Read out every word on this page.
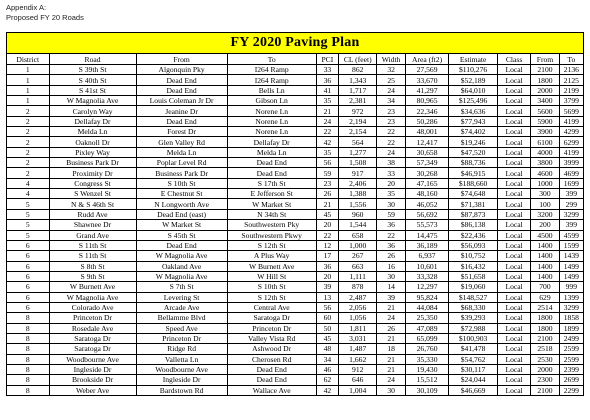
Appendix A:
Proposed FY 20 Roads
FY 2020 Paving Plan
District	Road	From	To	PCI	CL (feet)	Width	Area (ft2)	Estimate	Class	From	To
1	S 39th St	Algonquin Pky	I264 Ramp	33	862	32	27,569	$110,276	Local	2100	2136
1	S 40th St	Dead End	I264 Ramp	36	1,343	25	33,670	$52,189	Local	1800	2125
1	S 41st St	Dead End	Bells Ln	41	1,717	24	41,297	$64,010	Local	2000	2199
1	W Magnolia Ave	Louis Coleman Jr Dr	Gibson Ln	35	2,381	34	80,965	$125,496	Local	3400	3799
2	Carolyn Way	Jeanine Dr	Norene Ln	21	972	23	22,346	$34,636	Local	5600	5699
2	Dellafay Dr	Dead End	Norene Ln	24	2,194	23	50,286	$77,943	Local	5900	4199
2	Melda Ln	Forest Dr	Norene Ln	22	2,154	22	48,001	$74,402	Local	3900	4299
2	Oaknoll Dr	Glen Valley Rd	Dellafay Dr	42	564	22	12,417	$19,246	Local	6100	6299
2	Pixley Way	Melda Ln	Melda Ln	35	1,277	24	30,658	$47,520	Local	4000	4199
2	Business Park Dr	Poplar Level Rd	Dead End	56	1,508	38	57,349	$88,736	Local	3800	3999
2	Proximity Dr	Business Park Dr	Dead End	59	917	33	30,268	$46,915	Local	4600	4699
4	Congress St	S 10th St	S 17th St	23	2,406	20	47,165	$188,660	Local	1000	1699
4	S Wenzel St	E Chestnut St	E Jefferson St	26	1,388	35	48,160	$74,648	Local	300	399
5	N & S 46th St	N Longworth Ave	W Market St	21	1,556	30	46,052	$71,381	Local	100	299
5	Rudd Ave	Dead End (east)	N 34th St	45	960	59	56,692	$87,873	Local	3200	3299
5	Shawnee Dr	W Market St	Southwestern Pky	20	1,544	36	55,573	$86,138	Local	200	399
5	Grand Ave	S 45th St	Southwestern Pkwy	22	658	22	14,475	$22,436	Local	4500	4599
6	S 11th St	Dead End	S 12th St	12	1,000	36	36,189	$56,093	Local	1400	1599
6	S 11th St	W Magnolia Ave	A Plus Way	17	267	26	6,937	$10,752	Local	1400	1439
6	S 8th St	Oakland Ave	W Burnett Ave	36	663	16	10,601	$16,432	Local	1400	1499
6	S 9th St	W Magnolia Ave	W Hill St	20	1,111	30	33,328	$51,658	Local	1400	1499
6	W Burnett Ave	S 7th St	S 10th St	39	878	14	12,297	$19,060	Local	700	999
6	W Magnolia Ave	Levering St	S 12th St	13	2,487	39	95,824	$148,527	Local	629	1399
6	Colorado Ave	Arcade Ave	Central Ave	56	2,056	21	44,084	$68,330	Local	2514	3299
8	Princeton Dr	Bellamme Blvd	Saratoga Dr	60	1,056	24	25,350	$39,293	Local	1800	1858
8	Rosedale Ave	Speed Ave	Princeton Dr	50	1,811	26	47,089	$72,988	Local	1800	1899
8	Saratoga Dr	Princeton Dr	Valley Vista Rd	45	3,031	21	65,099	$100,903	Local	2100	2499
8	Saratoga Dr	Ridge Rd	Ashwood Dr	48	1,487	18	26,760	$41,478	Local	2518	2599
8	Woodbourne Ave	Valletta Ln	Cherosen Rd	34	1,662	21	35,330	$54,762	Local	2530	2599
8	Ingleside Dr	Woodbourne Ave	Dead End	46	912	21	19,430	$30,117	Local	2000	2399
8	Brookside Dr	Ingleside Dr	Dead End	62	646	24	15,512	$24,044	Local	2300	2699
8	Weber Ave	Bardstown Rd	Wallace Ave	42	1,004	30	30,109	$46,669	Local	2100	2299
